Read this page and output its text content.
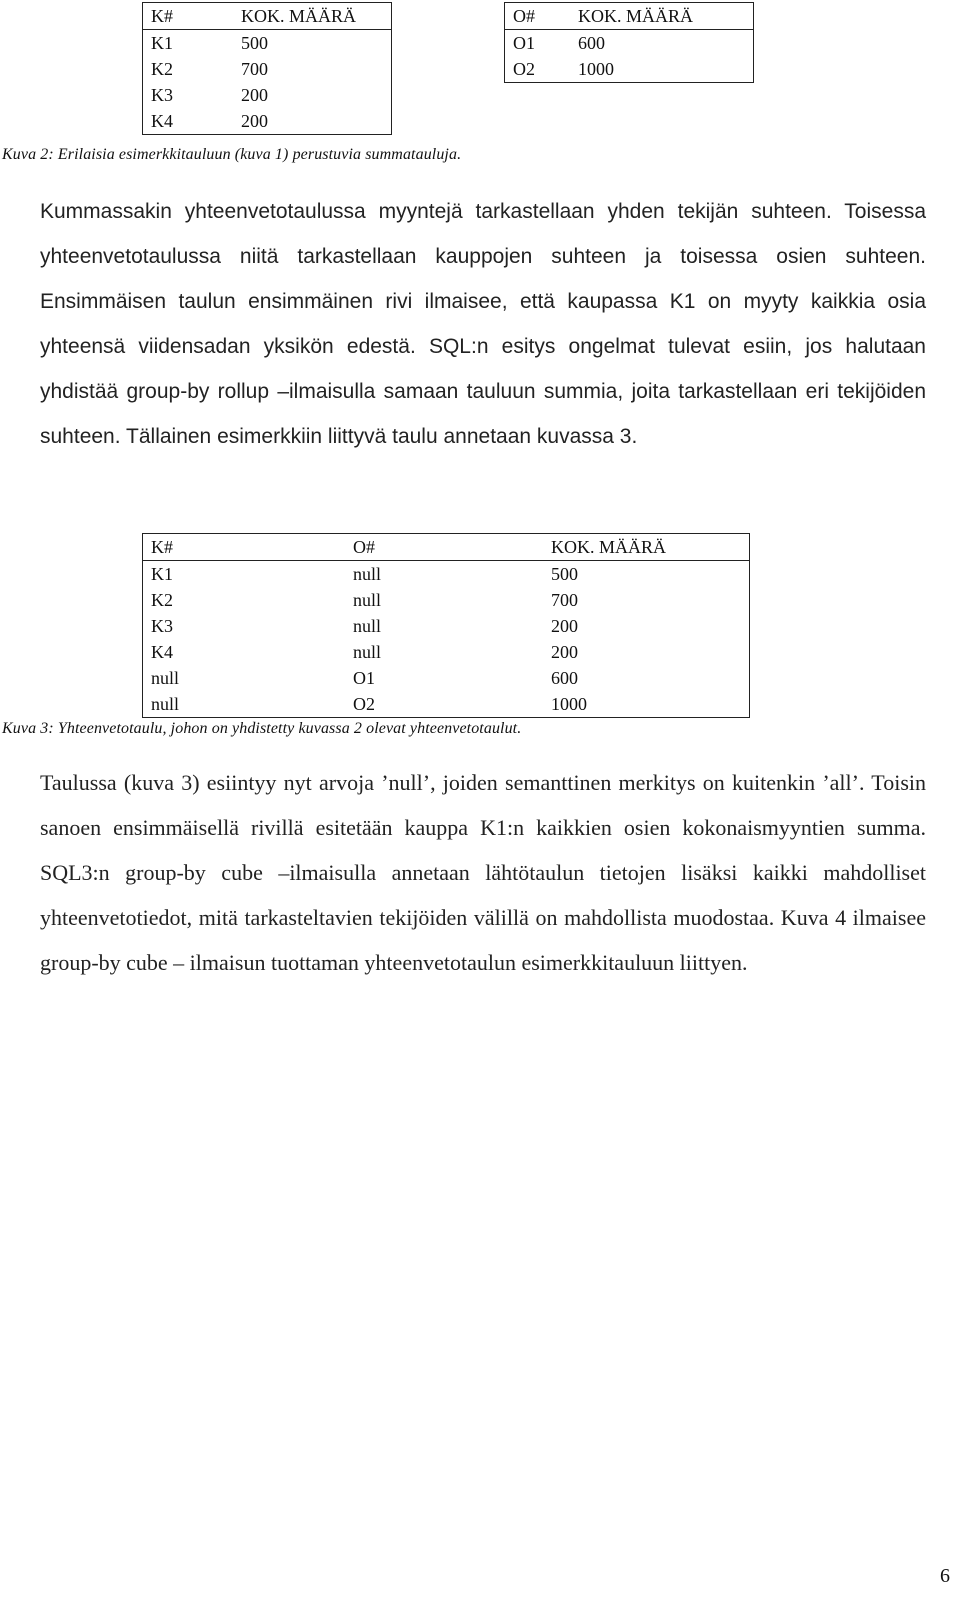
K#	KOK. MÄÄRÄ
K1	500
K2	700
K3	200
K4	200
O#	KOK. MÄÄRÄ
O1	600
O2	1000
Kuva 2: Erilaisia esimerkkitauluun (kuva 1) perustuvia summatauluja.

Kummassakin yhteenvetotaulussa myyntejä tarkastellaan yhden tekijän suhteen. Toisessa yhteenvetotaulussa niitä tarkastellaan kauppojen suhteen ja toisessa osien suhteen. Ensimmäisen taulun ensimmäinen rivi ilmaisee, että kaupassa K1 on myyty kaikkia osia yhteensä viidensadan yksikön edestä. SQL:n esitys ongelmat tulevat esiin, jos halutaan yhdistää group-by rollup –ilmaisulla samaan tauluun summia, joita tarkastellaan eri tekijöiden suhteen. Tällainen esimerkkiin liittyvä taulu annetaan kuvassa 3.

K#	O#	KOK. MÄÄRÄ
K1	null	500
K2	null	700
K3	null	200
K4	null	200
null	O1	600
null	O2	1000
Kuva 3: Yhteenvetotaulu, johon on yhdistetty kuvassa 2 olevat yhteenvetotaulut.

Taulussa (kuva 3) esiintyy nyt arvoja ’null’, joiden semanttinen merkitys on kuitenkin ’all’. Toisin sanoen ensimmäisellä rivillä esitetään kauppa K1:n kaikkien osien kokonaismyyntien summa. SQL3:n group-by cube –ilmaisulla annetaan lähtötaulun tietojen lisäksi kaikki mahdolliset yhteenvetotiedot, mitä tarkasteltavien tekijöiden välillä on mahdollista muodostaa. Kuva 4 ilmaisee group-by cube – ilmaisun tuottaman yhteenvetotaulun esimerkkitauluun liittyen.

6
